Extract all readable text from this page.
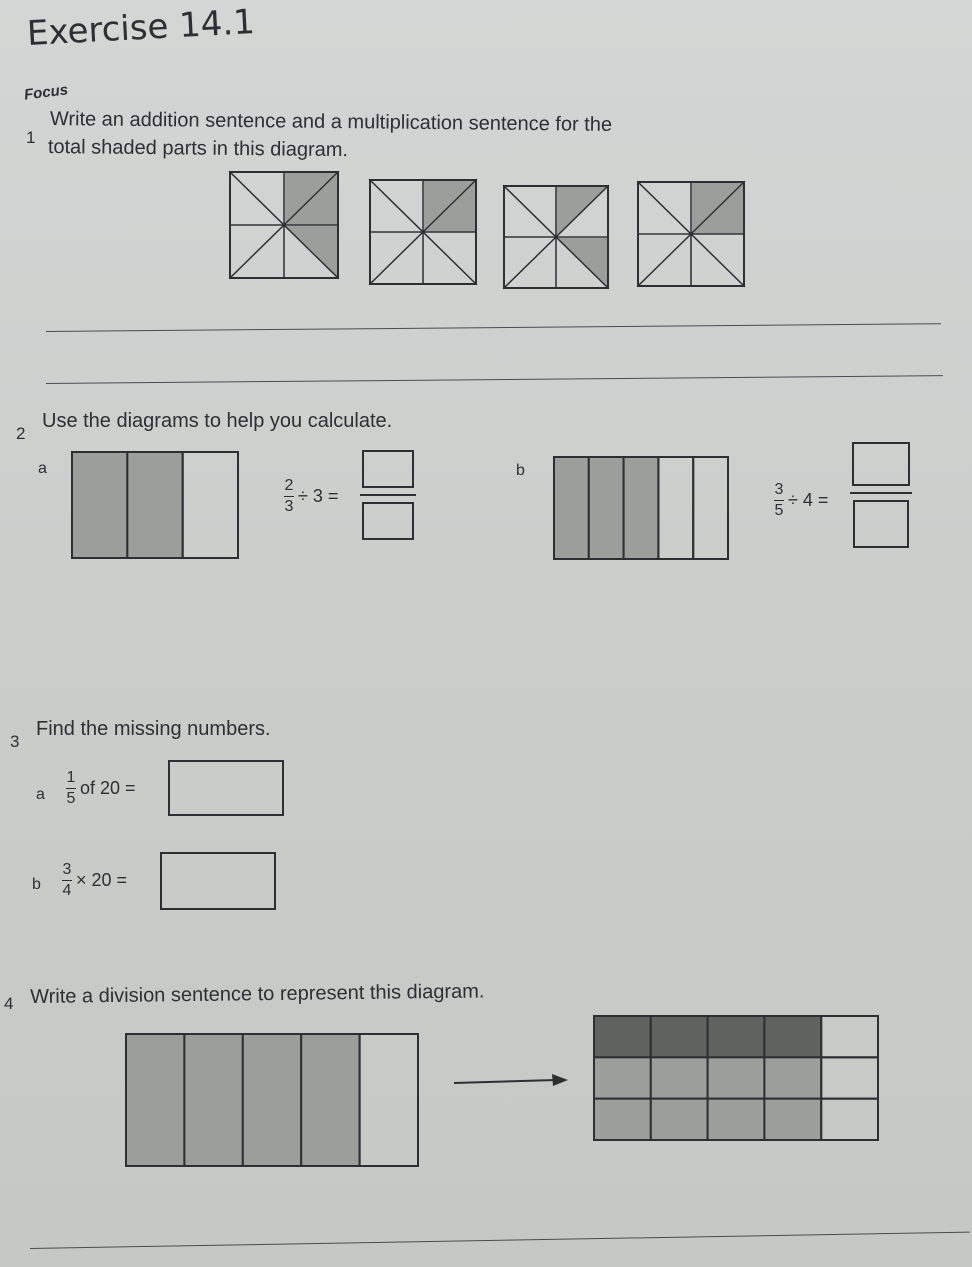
Exercise 14.1
Focus
1
Write an addition sentence and a multiplication sentence for the
total shaded parts in this diagram.
2
Use the diagrams to help you calculate.
a
$\frac{2}{3} \div 3$ =
b
$\frac{3}{5} \div 4$ =
3
Find the missing numbers.
a $\frac{1}{5}$ of 20 =
b $\frac{3}{4} \times 20$ =
4 Write a division sentence to represent this diagram.
